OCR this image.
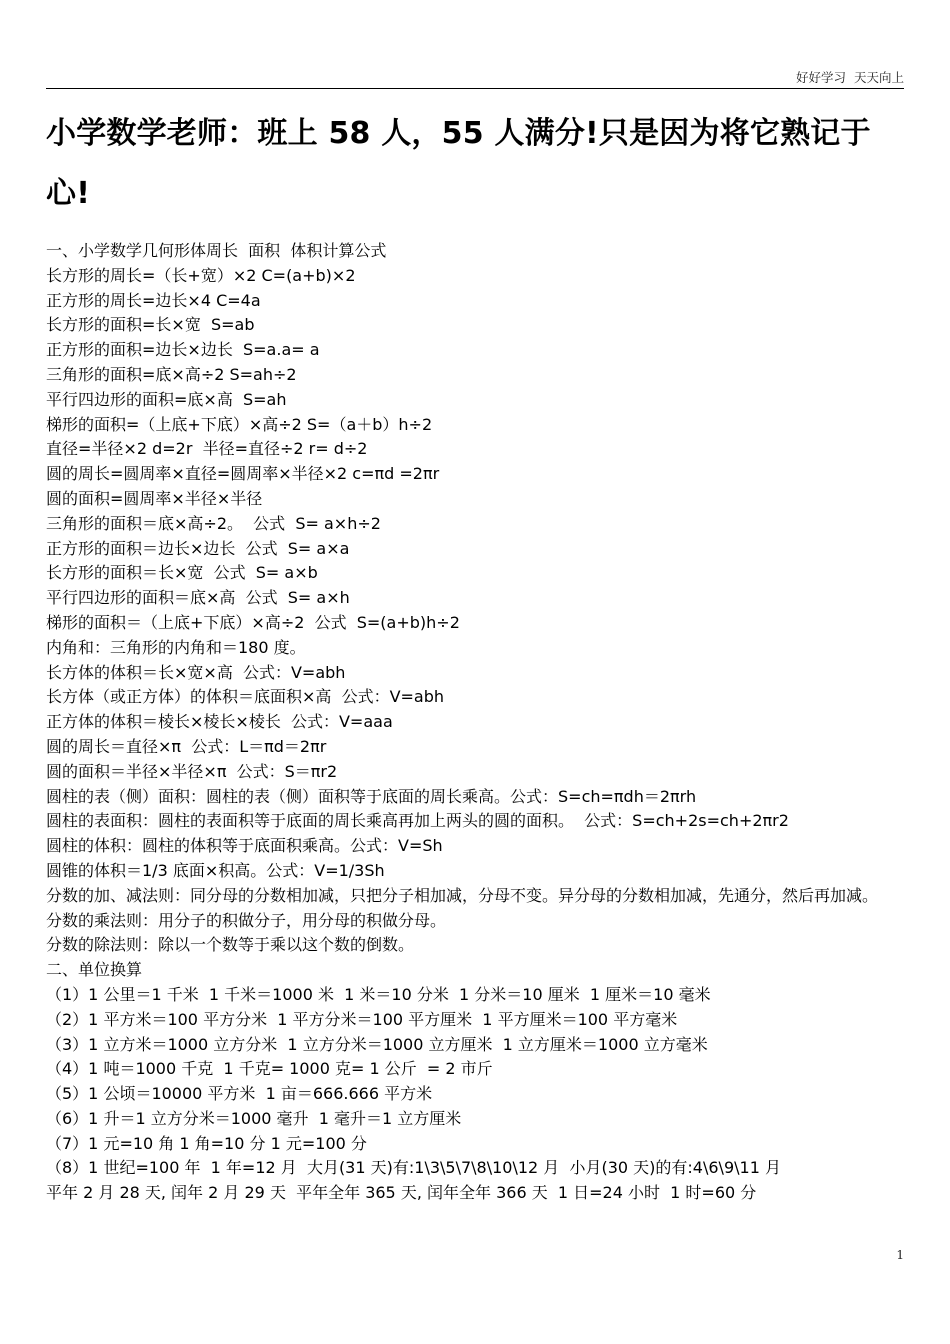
好好学习  天天向上
小学数学老师：班上 58 人，55 人满分!只是因为将它熟记于心!
一、小学数学几何形体周长  面积  体积计算公式
长方形的周长=（长+宽）×2 C=(a+b)×2
正方形的周长=边长×4 C=4a
长方形的面积=长×宽  S=ab
正方形的面积=边长×边长  S=a.a= a
三角形的面积=底×高÷2 S=ah÷2
平行四边形的面积=底×高  S=ah
梯形的面积=（上底+下底）×高÷2 S=（a＋b）h÷2
直径=半径×2 d=2r  半径=直径÷2 r= d÷2
圆的周长=圆周率×直径=圆周率×半径×2 c=πd =2πr
圆的面积=圆周率×半径×半径
三角形的面积＝底×高÷2。  公式  S= a×h÷2
正方形的面积＝边长×边长  公式  S= a×a
长方形的面积＝长×宽  公式  S= a×b
平行四边形的面积＝底×高  公式  S= a×h
梯形的面积＝（上底+下底）×高÷2  公式  S=(a+b)h÷2
内角和：三角形的内角和＝180 度。
长方体的体积＝长×宽×高  公式：V=abh
长方体（或正方体）的体积＝底面积×高  公式：V=abh
正方体的体积＝棱长×棱长×棱长  公式：V=aaa
圆的周长＝直径×π  公式：L＝πd＝2πr
圆的面积＝半径×半径×π  公式：S＝πr2
圆柱的表（侧）面积：圆柱的表（侧）面积等于底面的周长乘高。公式：S=ch=πdh＝2πrh
圆柱的表面积：圆柱的表面积等于底面的周长乘高再加上两头的圆的面积。  公式：S=ch+2s=ch+2πr2
圆柱的体积：圆柱的体积等于底面积乘高。公式：V=Sh
圆锥的体积＝1/3 底面×积高。公式：V=1/3Sh
分数的加、减法则：同分母的分数相加减，只把分子相加减，分母不变。异分母的分数相加减，先通分，然后再加减。
分数的乘法则：用分子的积做分子，用分母的积做分母。
分数的除法则：除以一个数等于乘以这个数的倒数。
二、单位换算
（1）1 公里＝1 千米  1 千米＝1000 米  1 米＝10 分米  1 分米＝10 厘米  1 厘米＝10 毫米
（2）1 平方米＝100 平方分米  1 平方分米＝100 平方厘米  1 平方厘米＝100 平方毫米
（3）1 立方米＝1000 立方分米  1 立方分米＝1000 立方厘米  1 立方厘米＝1000 立方毫米
（4）1 吨＝1000 千克  1 千克= 1000 克= 1 公斤  = 2 市斤
（5）1 公顷＝10000 平方米  1 亩＝666.666 平方米
（6）1 升＝1 立方分米＝1000 毫升  1 毫升＝1 立方厘米
（7）1 元=10 角 1 角=10 分 1 元=100 分
（8）1 世纪=100 年  1 年=12 月  大月(31 天)有:1\3\5\7\8\10\12 月  小月(30 天)的有:4\6\9\11 月
平年 2 月 28 天, 闰年 2 月 29 天  平年全年 365 天, 闰年全年 366 天  1 日=24 小时  1 时=60 分
1
